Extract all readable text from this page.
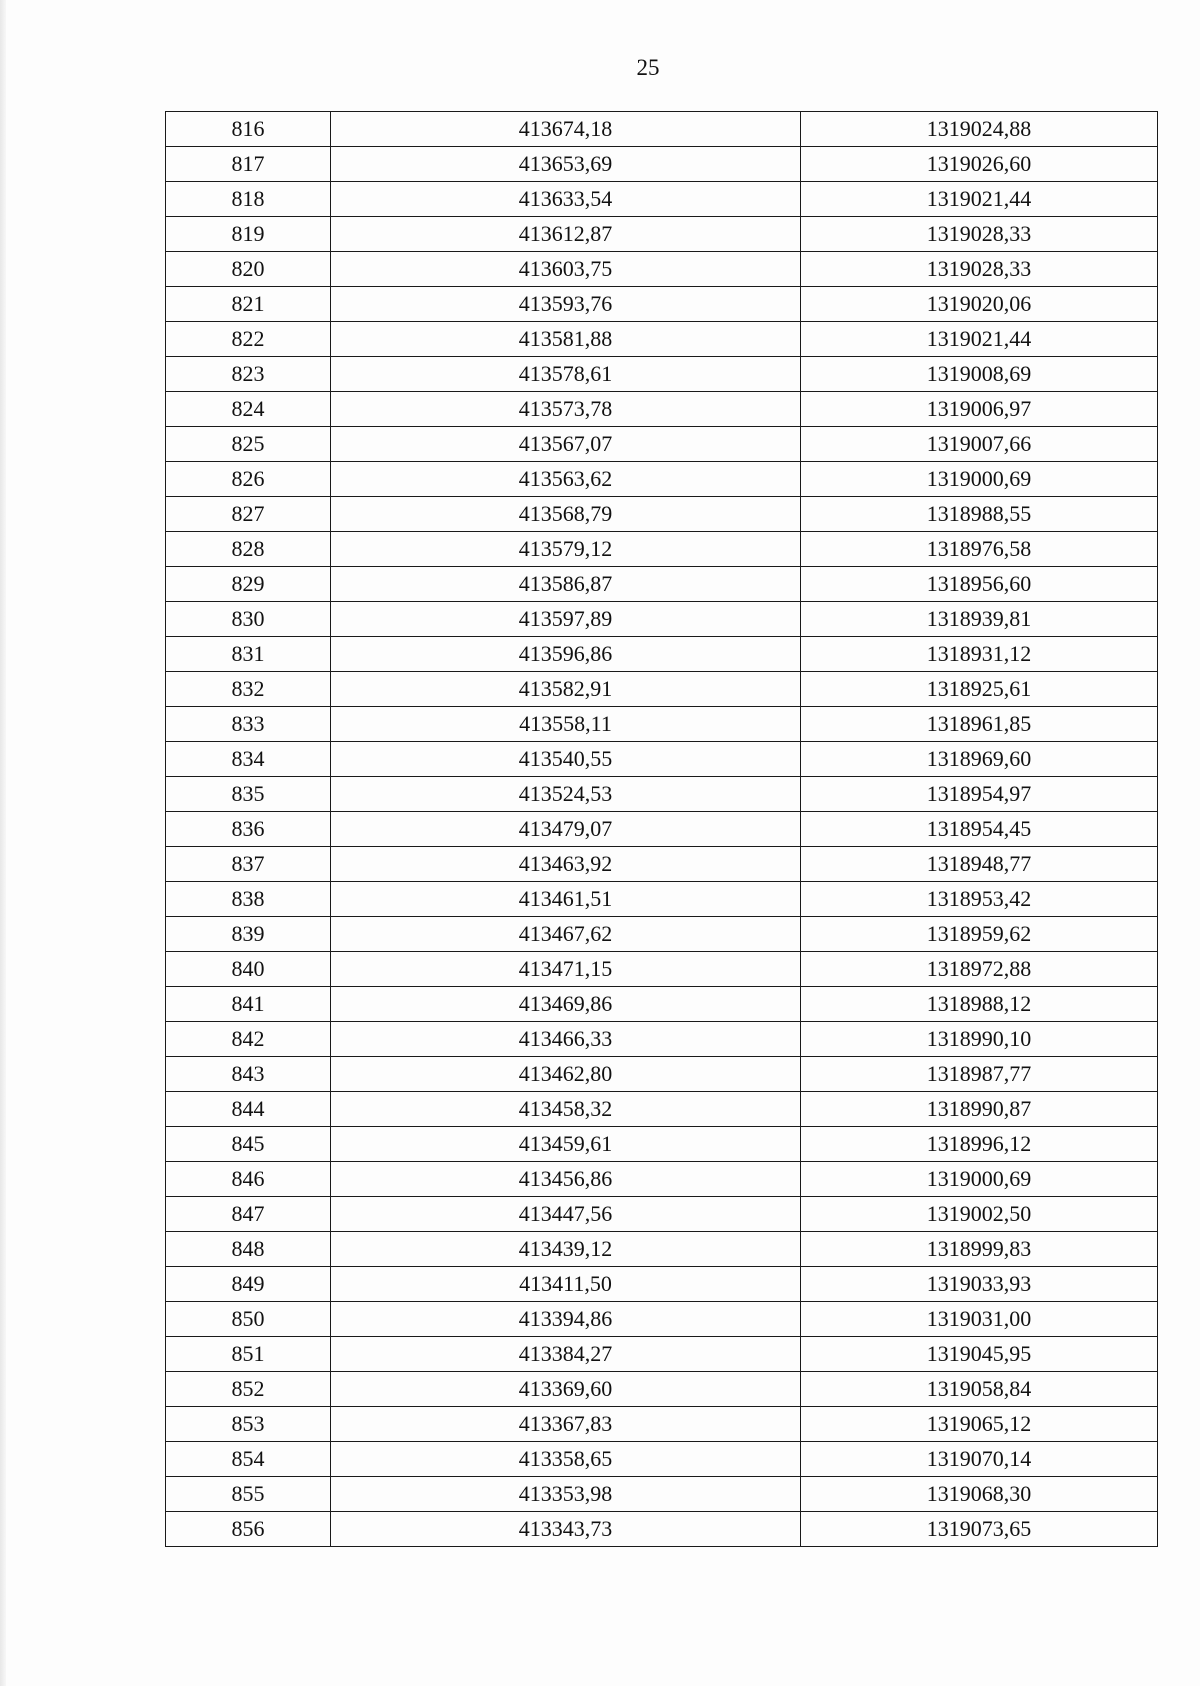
25
816	413674,18	1319024,88
817	413653,69	1319026,60
818	413633,54	1319021,44
819	413612,87	1319028,33
820	413603,75	1319028,33
821	413593,76	1319020,06
822	413581,88	1319021,44
823	413578,61	1319008,69
824	413573,78	1319006,97
825	413567,07	1319007,66
826	413563,62	1319000,69
827	413568,79	1318988,55
828	413579,12	1318976,58
829	413586,87	1318956,60
830	413597,89	1318939,81
831	413596,86	1318931,12
832	413582,91	1318925,61
833	413558,11	1318961,85
834	413540,55	1318969,60
835	413524,53	1318954,97
836	413479,07	1318954,45
837	413463,92	1318948,77
838	413461,51	1318953,42
839	413467,62	1318959,62
840	413471,15	1318972,88
841	413469,86	1318988,12
842	413466,33	1318990,10
843	413462,80	1318987,77
844	413458,32	1318990,87
845	413459,61	1318996,12
846	413456,86	1319000,69
847	413447,56	1319002,50
848	413439,12	1318999,83
849	413411,50	1319033,93
850	413394,86	1319031,00
851	413384,27	1319045,95
852	413369,60	1319058,84
853	413367,83	1319065,12
854	413358,65	1319070,14
855	413353,98	1319068,30
856	413343,73	1319073,65
